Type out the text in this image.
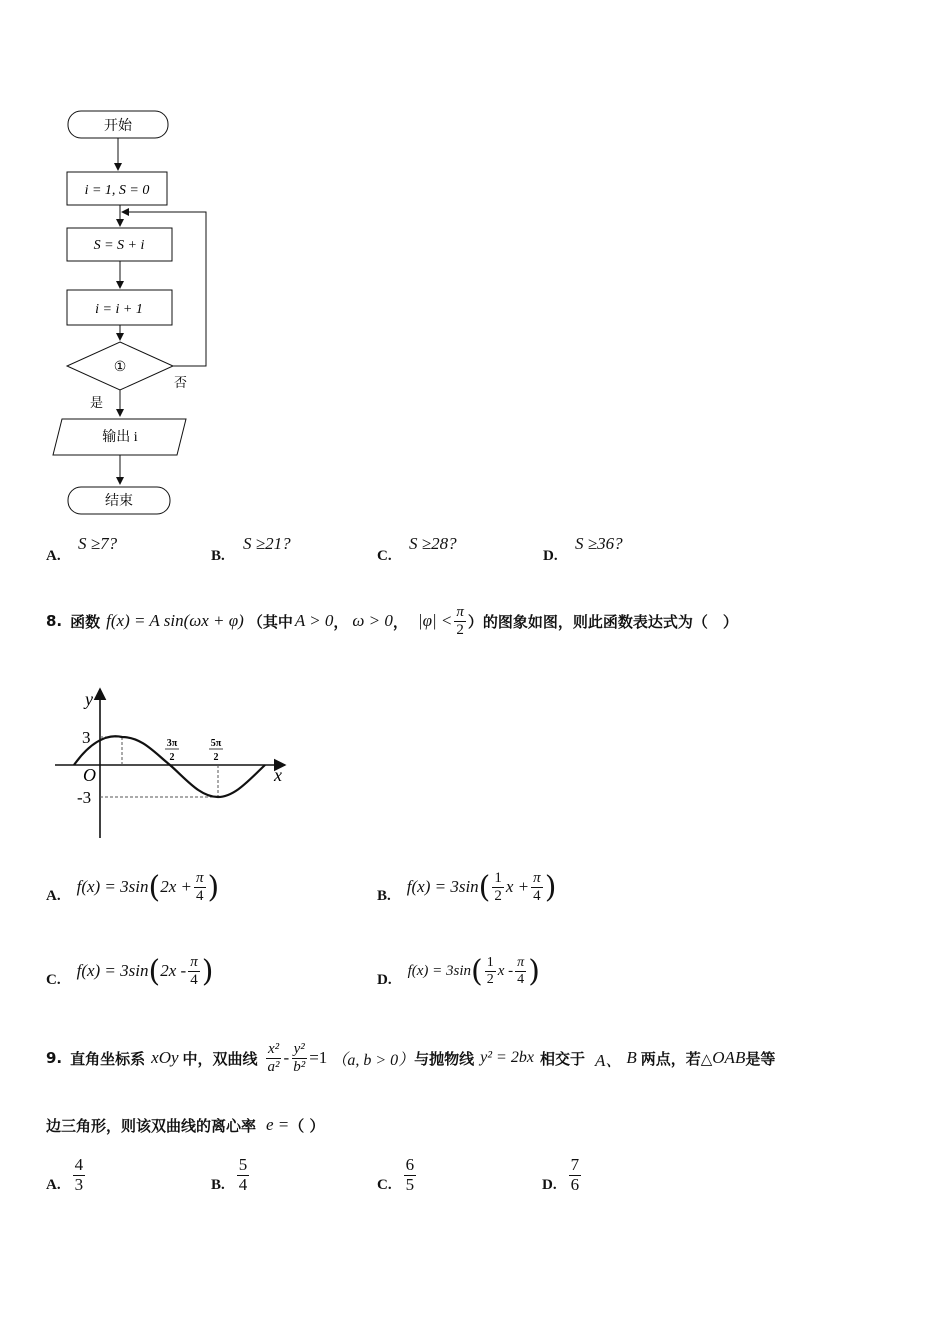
开始
i = 1, S = 0
S = S + i
i = i + 1
①
否
是
输出 i
结束
A.
S ≥7?
B.
S ≥21?
C.
S ≥28?
D.
S ≥36?
8. 函数 f(x) = A sin(ωx + φ) （其中 A > 0 ， ω > 0 ， $|\varphi| < \frac{\pi}{2}$ ）的图象如图，则此函数表达式为（　）
y
x
O
3
-3
3π
2
5π
2
A. f(x) = 3sin ( $2x + \frac{\pi}{4}$ )	B. f(x) = 3sin ( $\frac{1}{2}$ $x + \frac{\pi}{4}$ )
C. f(x) = 3sin ( $2x - \frac{\pi}{4}$ )	D.
f(x) = 3sin ( $\frac{1}{2}$ x - $\frac{\pi}{4}$ )
9. 直角坐标系 xOy 中，双曲线 $\frac{\text{x²}}{\text{a²}} - \frac{\text{y²}}{\text{b²}} =1$ （a, b > 0） 与抛物线 y² = 2bx 相交于 A、 B 两点，若△ OAB 是等
边三角形，则该双曲线的离心率 e = （ ）
A. $\frac{4}{3}$	B. $\frac{5}{4}$	C. $\frac{6}{5}$	D. $\frac{7}{6}$
